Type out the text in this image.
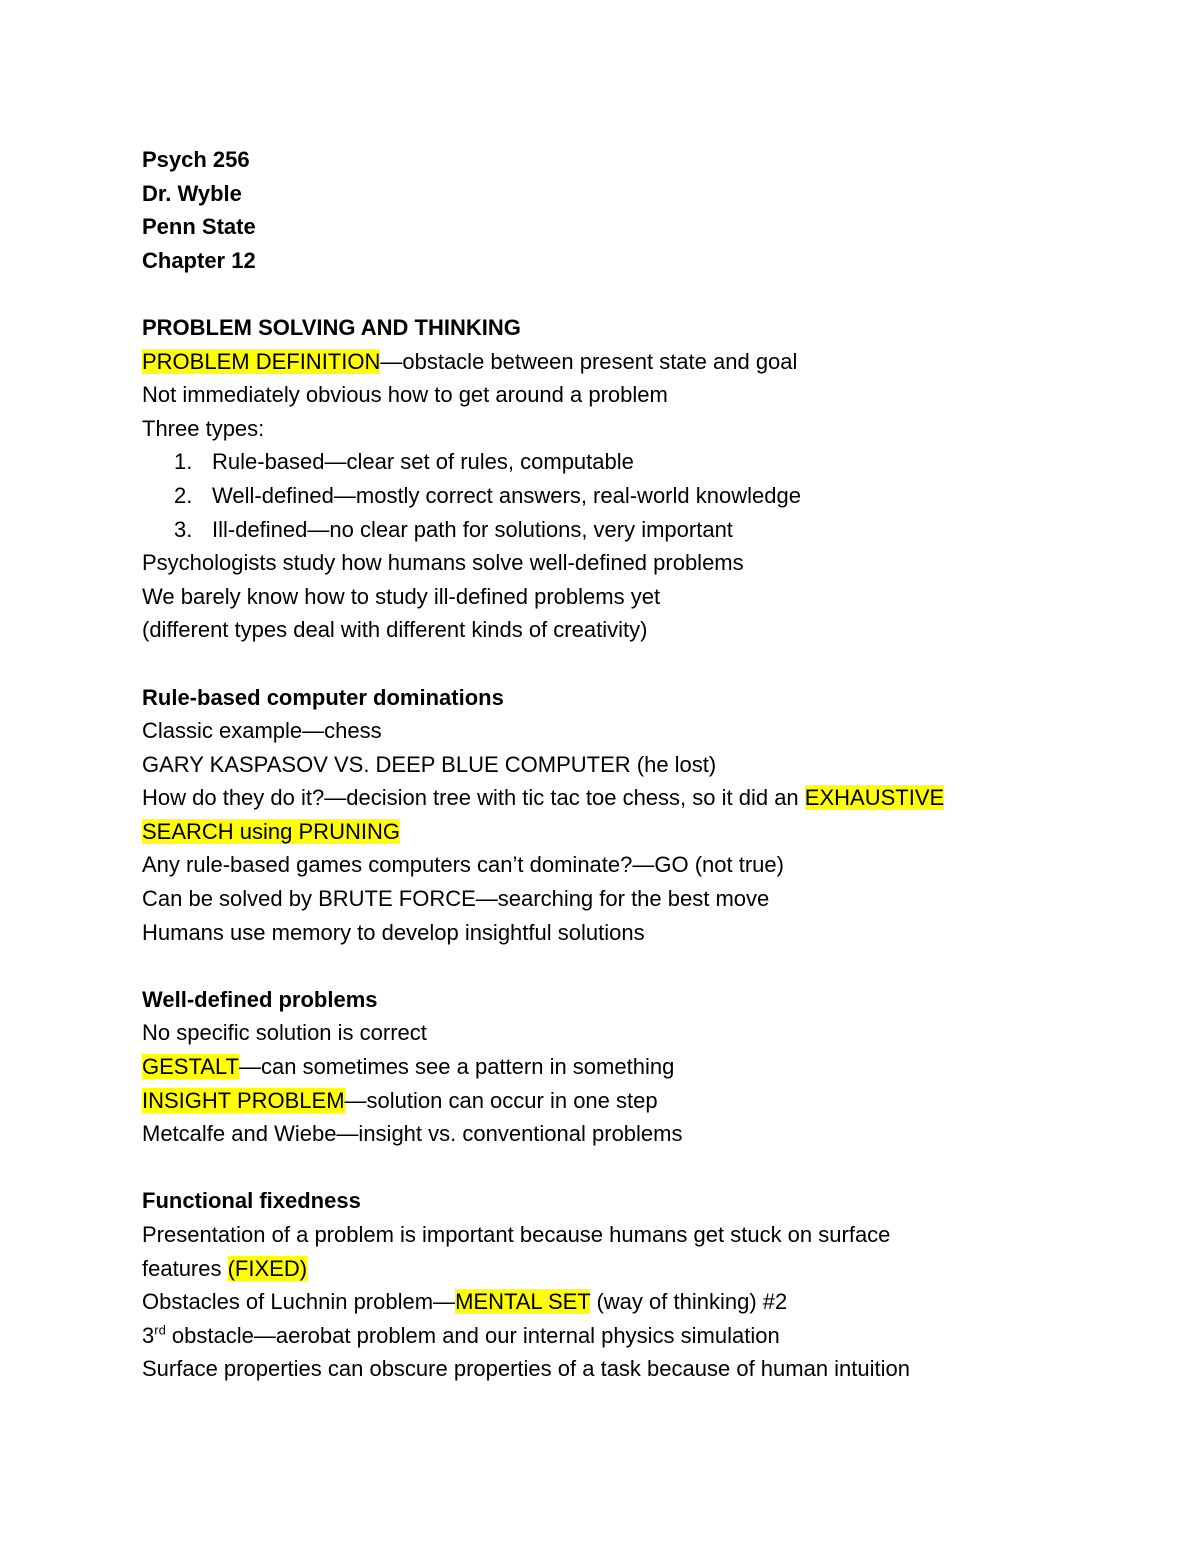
Psych 256
Dr. Wyble
Penn State
Chapter 12
PROBLEM SOLVING AND THINKING
PROBLEM DEFINITION—obstacle between present state and goal
Not immediately obvious how to get around a problem
Three types:
1. Rule-based—clear set of rules, computable
2. Well-defined—mostly correct answers, real-world knowledge
3. Ill-defined—no clear path for solutions, very important
Psychologists study how humans solve well-defined problems
We barely know how to study ill-defined problems yet
(different types deal with different kinds of creativity)
Rule-based computer dominations
Classic example—chess
GARY KASPASOV VS. DEEP BLUE COMPUTER (he lost)
How do they do it?—decision tree with tic tac toe chess, so it did an EXHAUSTIVE
SEARCH using PRUNING
Any rule-based games computers can’t dominate?—GO (not true)
Can be solved by BRUTE FORCE—searching for the best move
Humans use memory to develop insightful solutions
Well-defined problems
No specific solution is correct
GESTALT—can sometimes see a pattern in something
INSIGHT PROBLEM—solution can occur in one step
Metcalfe and Wiebe—insight vs. conventional problems
Functional fixedness
Presentation of a problem is important because humans get stuck on surface
features (FIXED)
Obstacles of Luchnin problem—MENTAL SET (way of thinking) #2
3rd obstacle—aerobat problem and our internal physics simulation
Surface properties can obscure properties of a task because of human intuition
